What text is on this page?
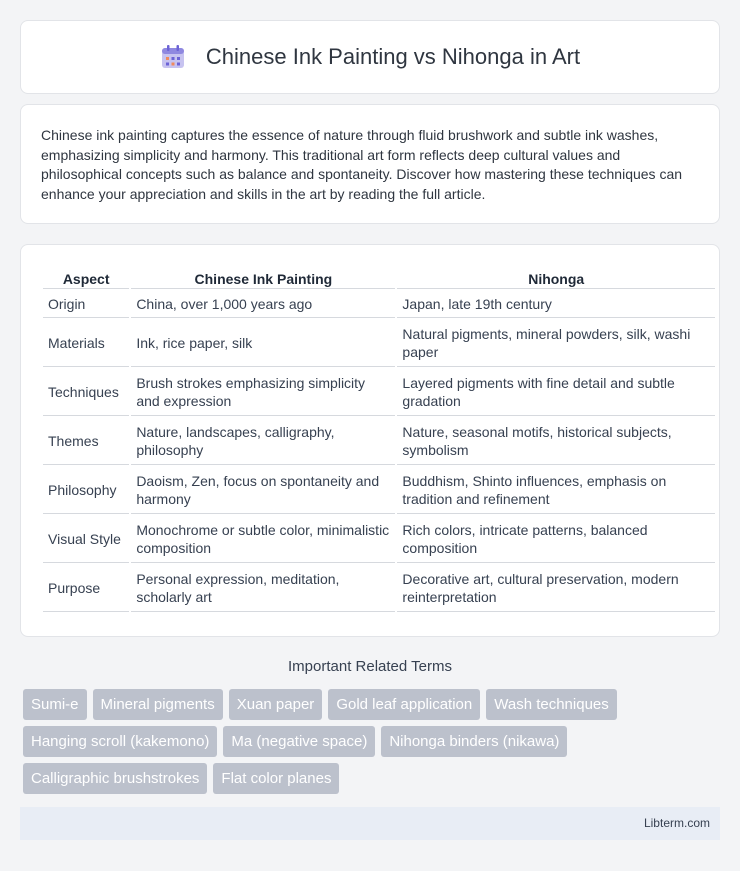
Chinese Ink Painting vs Nihonga in Art

Chinese ink painting captures the essence of nature through fluid brushwork and subtle ink washes, emphasizing simplicity and harmony. This traditional art form reflects deep cultural values and philosophical concepts such as balance and spontaneity. Discover how mastering these techniques can enhance your appreciation and skills in the art by reading the full article.

Aspect	Chinese Ink Painting	Nihonga
Origin	China, over 1,000 years ago	Japan, late 19th century
Materials	Ink, rice paper, silk	Natural pigments, mineral powders, silk, washi paper
Techniques	Brush strokes emphasizing simplicity and expression	Layered pigments with fine detail and subtle gradation
Themes	Nature, landscapes, calligraphy, philosophy	Nature, seasonal motifs, historical subjects, symbolism
Philosophy	Daoism, Zen, focus on spontaneity and harmony	Buddhism, Shinto influences, emphasis on tradition and refinement
Visual Style	Monochrome or subtle color, minimalistic composition	Rich colors, intricate patterns, balanced composition
Purpose	Personal expression, meditation, scholarly art	Decorative art, cultural preservation, modern reinterpretation
Important Related Terms
Sumi-e	Mineral pigments	Xuan paper	Gold leaf application	Wash techniques
Hanging scroll (kakemono)	Ma (negative space)	Nihonga binders (nikawa)
Calligraphic brushstrokes	Flat color planes
Libterm.com
